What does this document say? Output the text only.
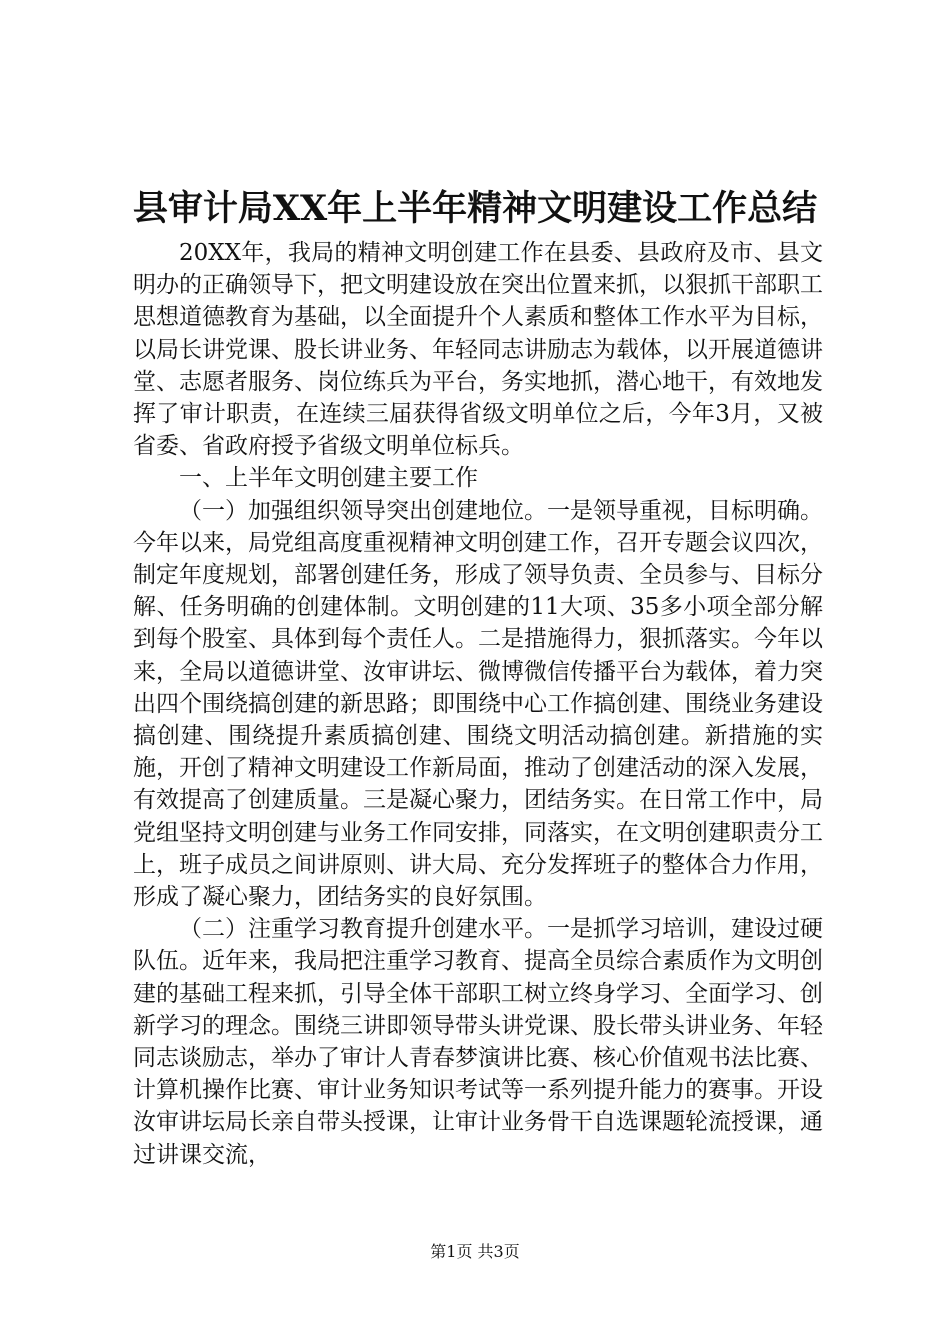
县审计局XX年上半年精神文明建设工作总结

20XX年，我局的精神文明创建工作在县委、县政府及市、县文明办的正确领导下，把文明建设放在突出位置来抓，以狠抓干部职工思想道德教育为基础，以全面提升个人素质和整体工作水平为目标，以局长讲党课、股长讲业务、年轻同志讲励志为载体，以开展道德讲堂、志愿者服务、岗位练兵为平台，务实地抓，潜心地干，有效地发挥了审计职责，在连续三届获得省级文明单位之后，今年3月，又被省委、省政府授予省级文明单位标兵。

一、上半年文明创建主要工作

（一）加强组织领导突出创建地位。一是领导重视，目标明确。今年以来，局党组高度重视精神文明创建工作，召开专题会议四次，制定年度规划，部署创建任务，形成了领导负责、全员参与、目标分解、任务明确的创建体制。文明创建的11大项、35多小项全部分解到每个股室、具体到每个责任人。二是措施得力，狠抓落实。今年以来，全局以道德讲堂、汝审讲坛、微博微信传播平台为载体，着力突出四个围绕搞创建的新思路；即围绕中心工作搞创建、围绕业务建设搞创建、围绕提升素质搞创建、围绕文明活动搞创建。新措施的实施，开创了精神文明建设工作新局面，推动了创建活动的深入发展，有效提高了创建质量。三是凝心聚力，团结务实。在日常工作中，局党组坚持文明创建与业务工作同安排，同落实，在文明创建职责分工上，班子成员之间讲原则、讲大局、充分发挥班子的整体合力作用，形成了凝心聚力，团结务实的良好氛围。

（二）注重学习教育提升创建水平。一是抓学习培训，建设过硬队伍。近年来，我局把注重学习教育、提高全员综合素质作为文明创建的基础工程来抓，引导全体干部职工树立终身学习、全面学习、创新学习的理念。围绕三讲即领导带头讲党课、股长带头讲业务、年轻同志谈励志，举办了审计人青春梦演讲比赛、核心价值观书法比赛、计算机操作比赛、审计业务知识考试等一系列提升能力的赛事。开设汝审讲坛局长亲自带头授课，让审计业务骨干自选课题轮流授课，通过讲课交流，

第1页 共3页
